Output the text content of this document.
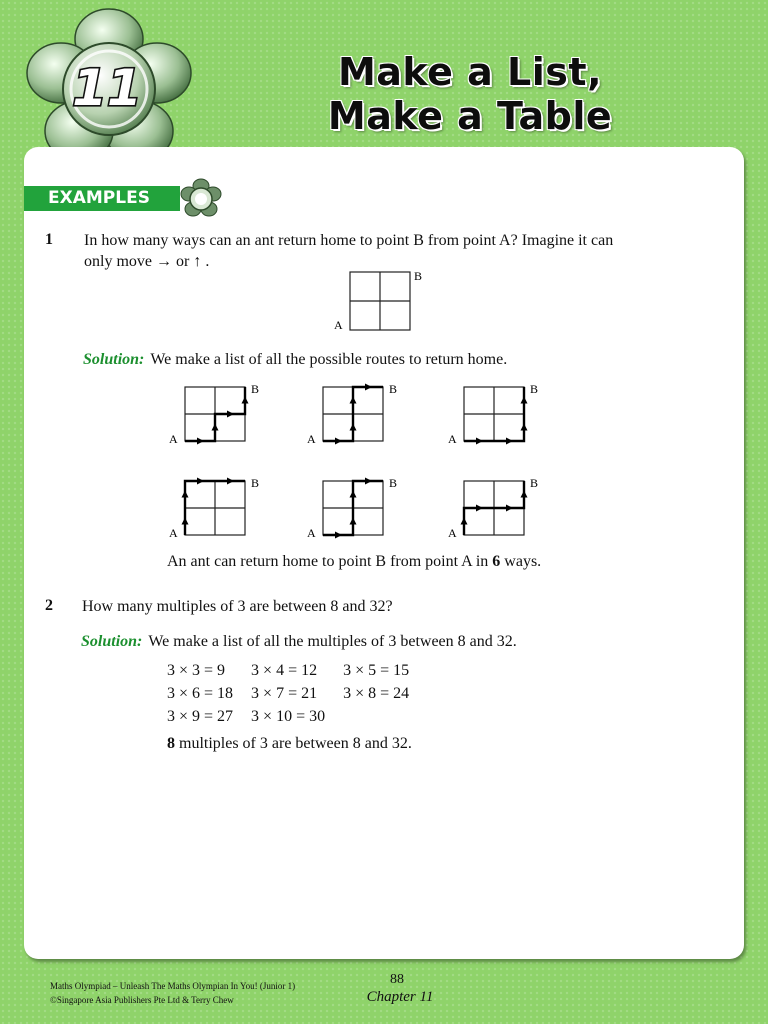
11	Make a List,
Make a Table
EXAMPLES
1 In how many ways can an ant return home to point B from point A? Imagine it can
only move → or ↑ .
A
B
Solution: We make a list of all the possible routes to return home.
A
B
A
B
A
B
A
B
A
B
A
B
An ant can return home to point B from point A in 6 ways.
2 How many multiples of 3 are between 8 and 32?
Solution: We make a list of all the multiples of 3 between 8 and 32.
3 × 3 = 9	3 × 4 = 12	3 × 5 = 15
3 × 6 = 18	3 × 7 = 21	3 × 8 = 24
3 × 9 = 27	3 × 10 = 30	
8 multiples of 3 are between 8 and 32.
Maths Olympiad – Unleash The Maths Olympian In You! (Junior 1)
©Singapore Asia Publishers Pte Ltd & Terry Chew
88
Chapter 11
